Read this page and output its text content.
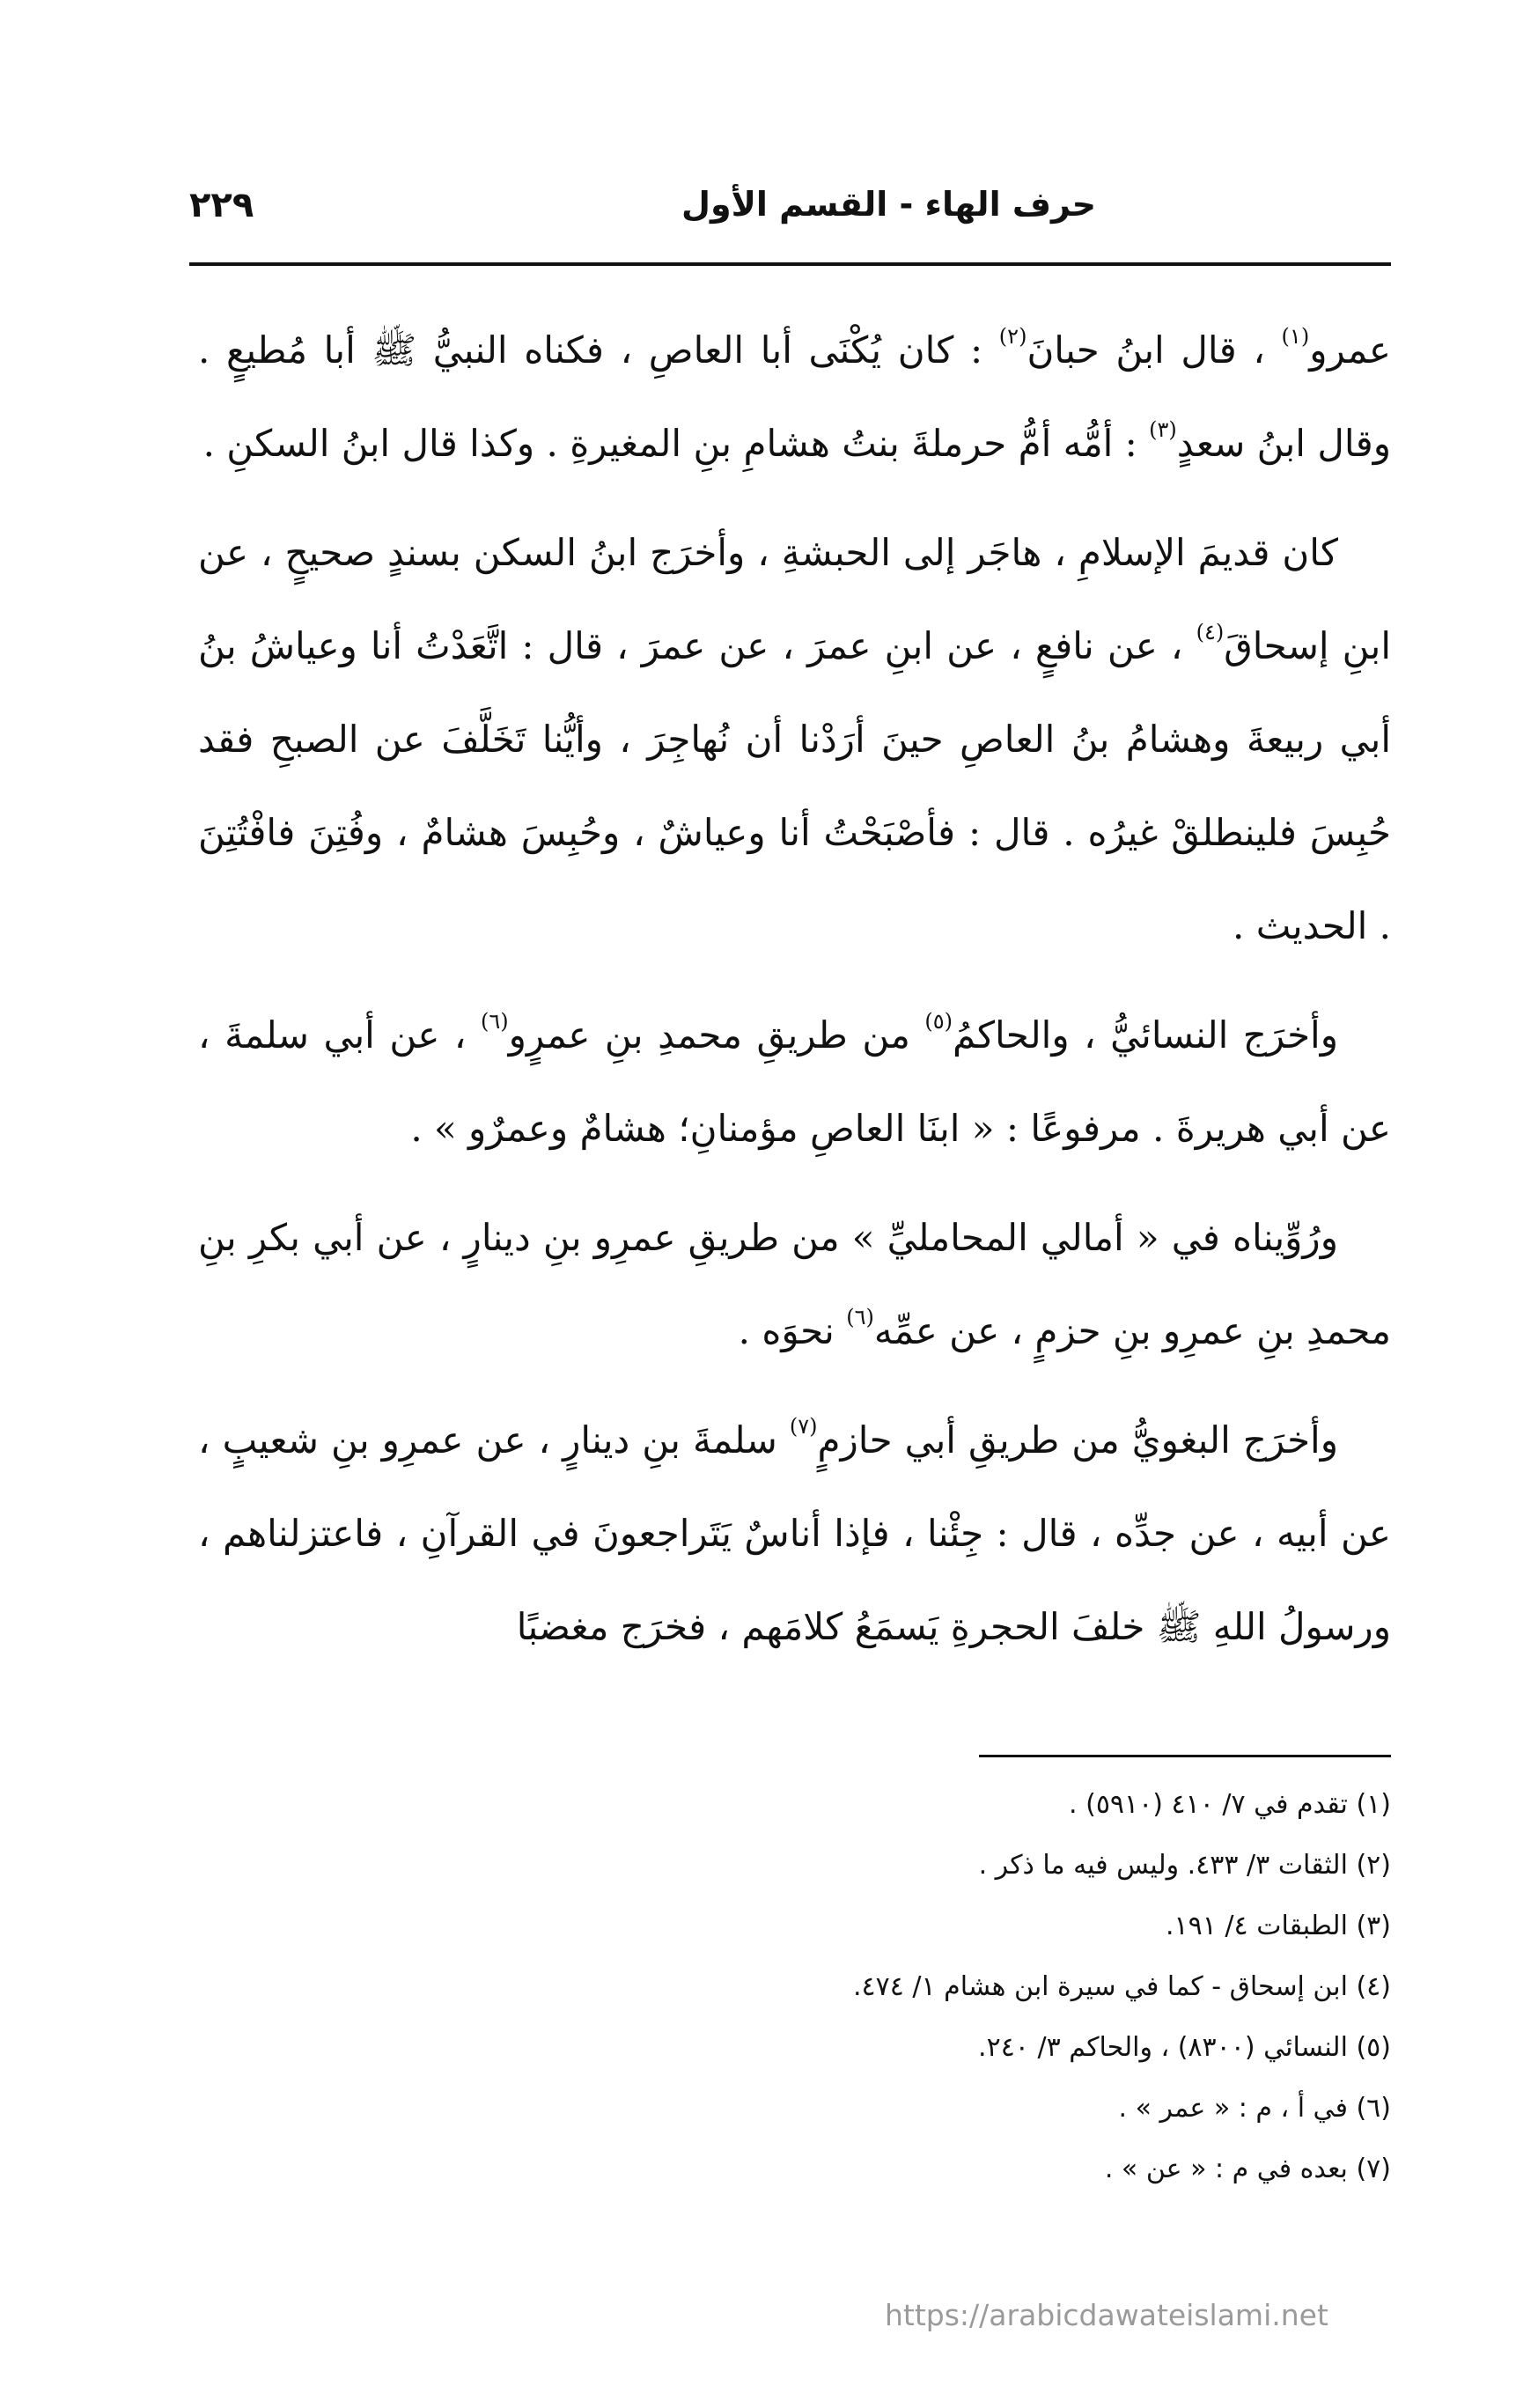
حرف الهاء - القسم الأول
٢٢٩

عمرو$^{(١)}$ ، قال ابنُ حبانَ$^{(٢)}$ : كان يُكْنَى أبا العاصِ ، فكناه النبيُّ ﷺ أبا مُطيعٍ . وقال ابنُ سعدٍ$^{(٣)}$ : أمُّه أمُّ حرملةَ بنتُ هشامِ بنِ المغيرةِ . وكذا قال ابنُ السكنِ .

كان قديمَ الإسلامِ ، هاجَر إلى الحبشةِ ، وأخرَج ابنُ السكن بسندٍ صحيحٍ ، عن ابنِ إسحاقَ$^{(٤)}$ ، عن نافعٍ ، عن ابنِ عمرَ ، عن عمرَ ، قال : اتَّعَدْتُ أنا وعياشُ بنُ أبي ربيعةَ وهشامُ بنُ العاصِ حينَ أرَدْنا أن نُهاجِرَ ، وأيُّنا تَخَلَّفَ عن الصبحِ فقد حُبِسَ فلينطلقْ غيرُه . قال : فأصْبَحْتُ أنا وعياشٌ ، وحُبِسَ هشامٌ ، وفُتِنَ فافْتُتِنَ . الحديث .

وأخرَج النسائيُّ ، والحاكمُ$^{(٥)}$ من طريقِ محمدِ بنِ عمرٍو$^{(٦)}$ ، عن أبي سلمةَ ، عن أبي هريرةَ . مرفوعًا : « ابنَا العاصِ مؤمنانِ؛ هشامٌ وعمرٌو » .

ورُوِّيناه في « أمالي المحامليِّ » من طريقِ عمرِو بنِ دينارٍ ، عن أبي بكرِ بنِ محمدِ بنِ عمرِو بنِ حزمٍ ، عن عمِّه$^{(٦)}$ نحوَه .

وأخرَج البغويُّ من طريقِ أبي حازمٍ$^{(٧)}$ سلمةَ بنِ دينارٍ ، عن عمرِو بنِ شعيبٍ ، عن أبيه ، عن جدِّه ، قال : جِئْنا ، فإذا أناسٌ يَتَراجعونَ في القرآنِ ، فاعتزلناهم ، ورسولُ اللهِ ﷺ خلفَ الحجرةِ يَسمَعُ كلامَهم ، فخرَج مغضبًا

(١) تقدم في ٧/ ٤١٠ (٥٩١٠) .
(٢) الثقات ٣/ ٤٣٣. وليس فيه ما ذكر .
(٣) الطبقات ٤/ ١٩١.
(٤) ابن إسحاق - كما في سيرة ابن هشام ١/ ٤٧٤.
(٥) النسائي (٨٣٠٠) ، والحاكم ٣/ ٢٤٠.
(٦) في أ ، م : « عمر » .
(٧) بعده في م : « عن » .
https://arabicdawateislami.net
